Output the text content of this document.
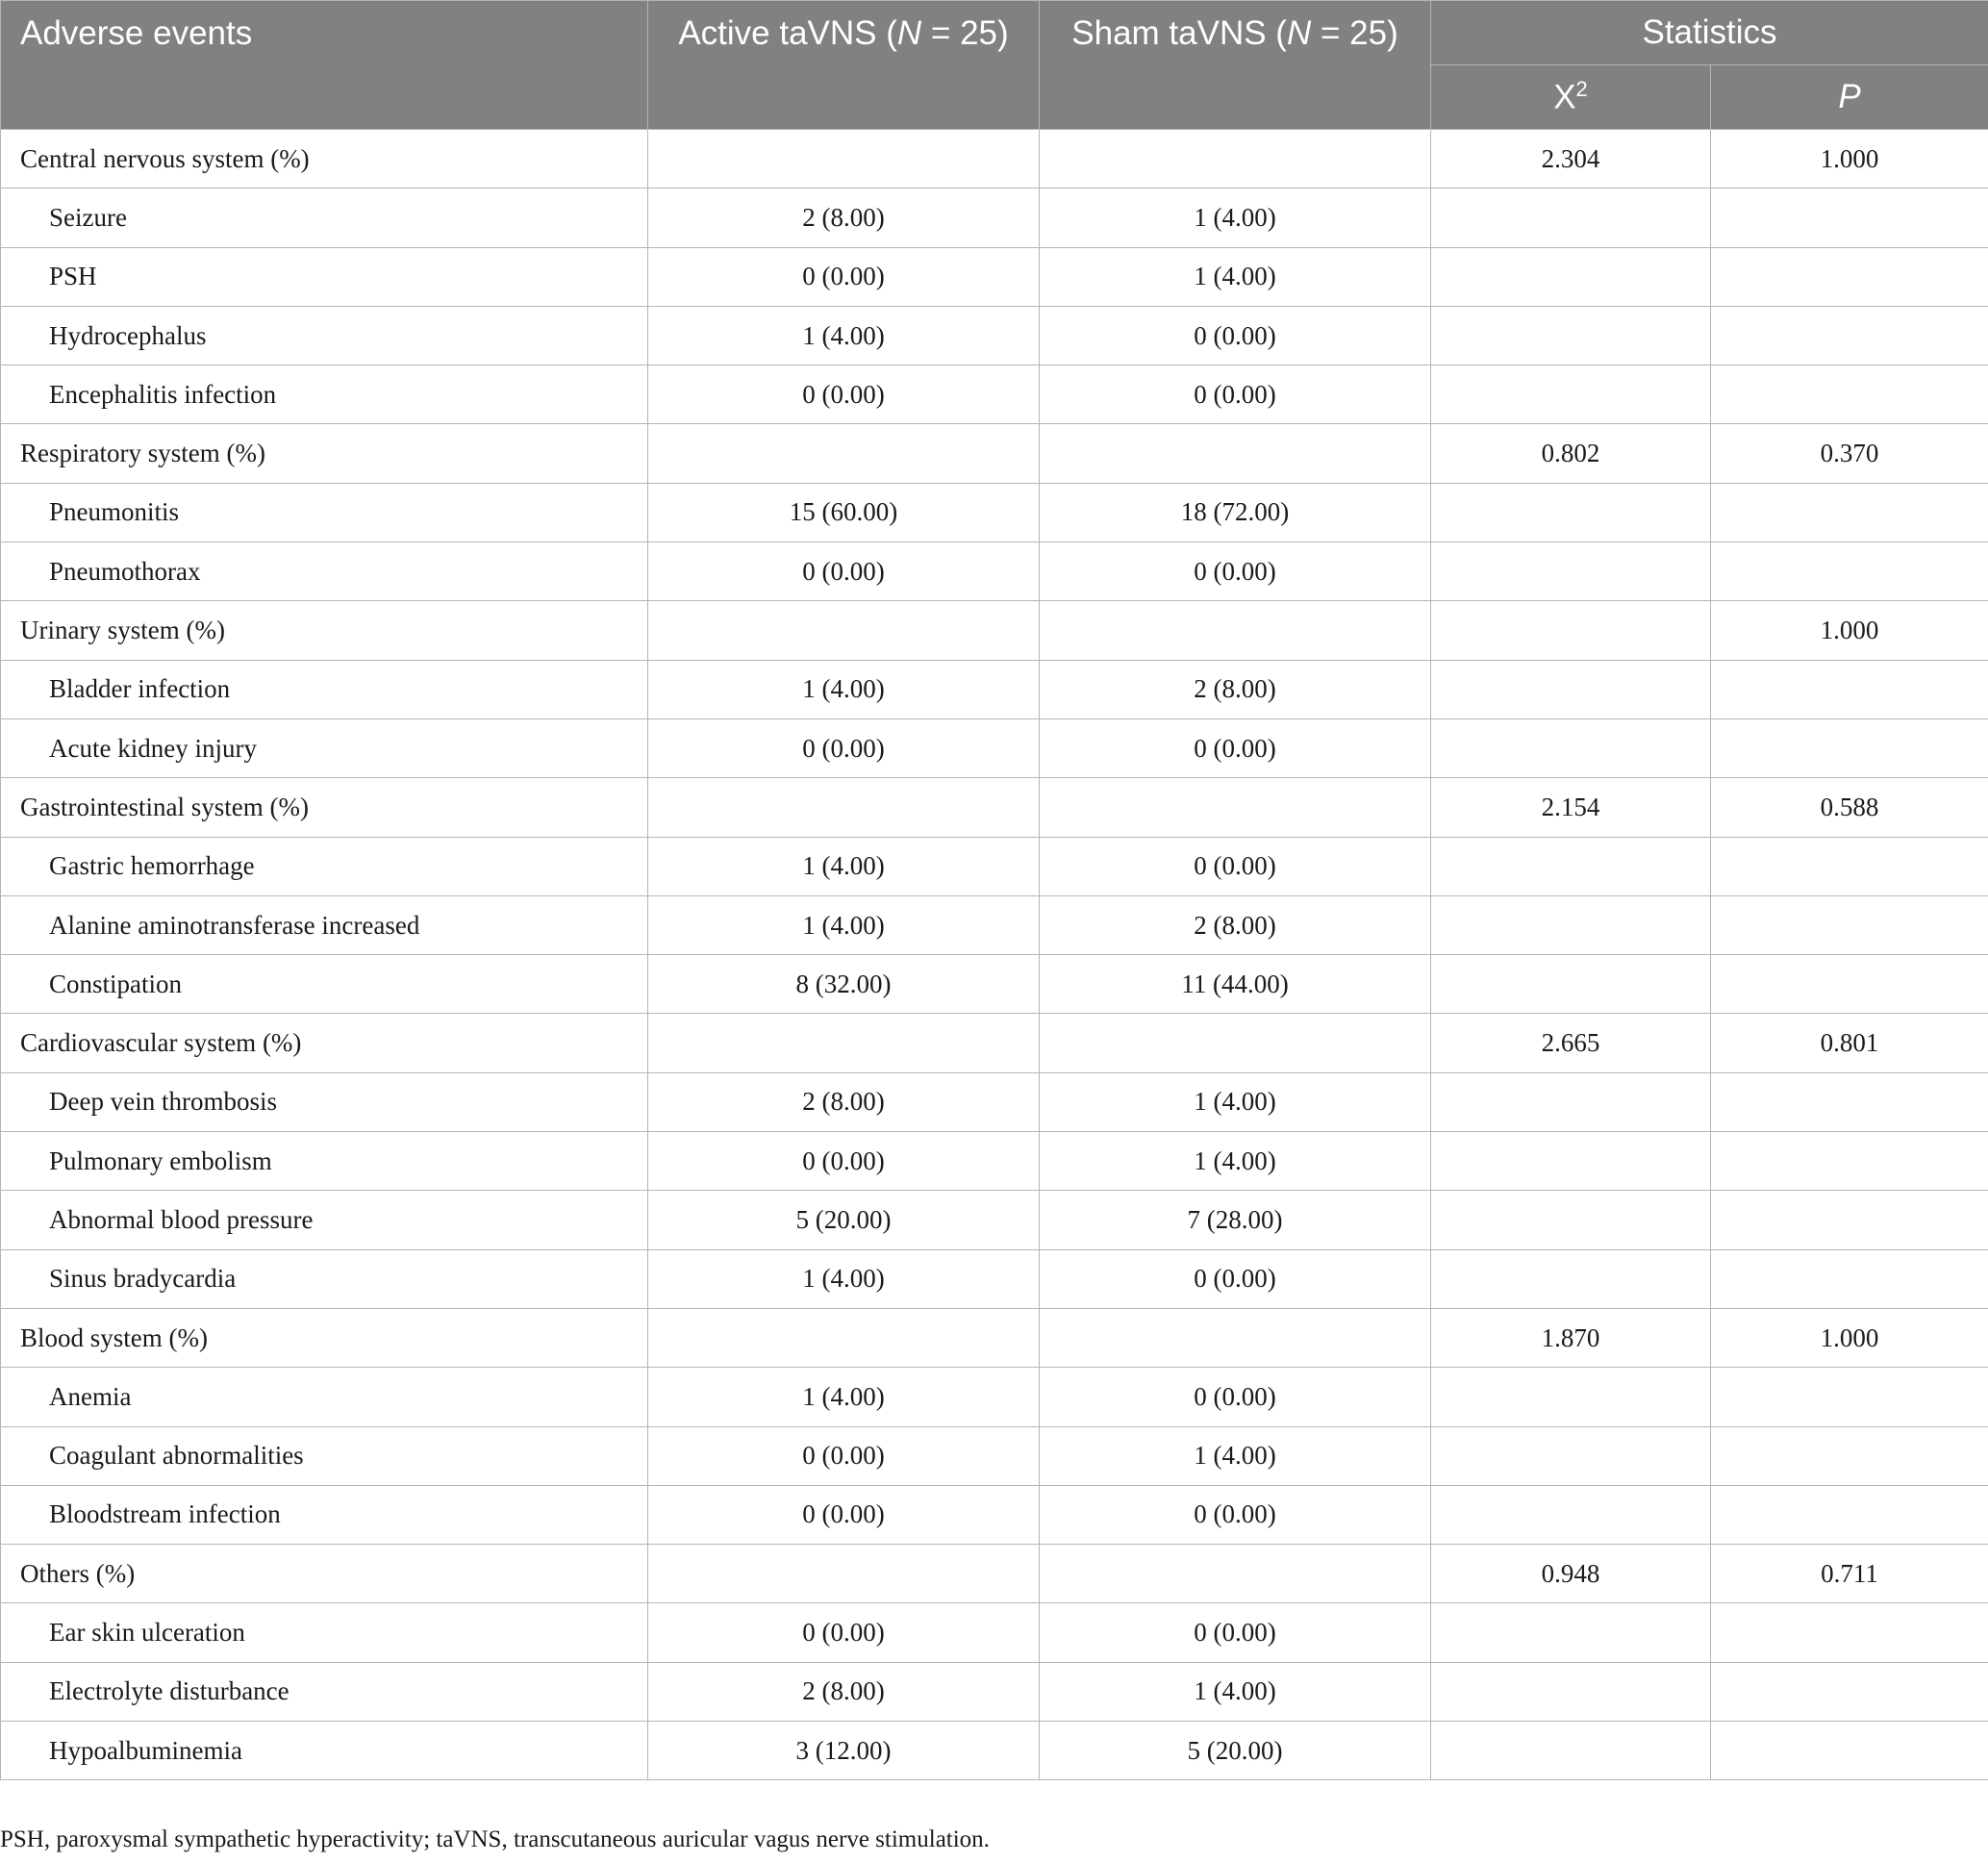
Adverse events	Active taVNS (N = 25)	Sham taVNS (N = 25)	Statistics	
			$X^2$	P
Central nervous system (%)			2.304	1.000
Seizure	2 (8.00)	1 (4.00)		
PSH	0 (0.00)	1 (4.00)		
Hydrocephalus	1 (4.00)	0 (0.00)		
Encephalitis infection	0 (0.00)	0 (0.00)		
Respiratory system (%)			0.802	0.370
Pneumonitis	15 (60.00)	18 (72.00)		
Pneumothorax	0 (0.00)	0 (0.00)		
Urinary system (%)				1.000
Bladder infection	1 (4.00)	2 (8.00)		
Acute kidney injury	0 (0.00)	0 (0.00)		
Gastrointestinal system (%)			2.154	0.588
Gastric hemorrhage	1 (4.00)	0 (0.00)		
Alanine aminotransferase increased	1 (4.00)	2 (8.00)		
Constipation	8 (32.00)	11 (44.00)		
Cardiovascular system (%)			2.665	0.801
Deep vein thrombosis	2 (8.00)	1 (4.00)		
Pulmonary embolism	0 (0.00)	1 (4.00)		
Abnormal blood pressure	5 (20.00)	7 (28.00)		
Sinus bradycardia	1 (4.00)	0 (0.00)		
Blood system (%)			1.870	1.000
Anemia	1 (4.00)	0 (0.00)		
Coagulant abnormalities	0 (0.00)	1 (4.00)		
Bloodstream infection	0 (0.00)	0 (0.00)		
Others (%)			0.948	0.711
Ear skin ulceration	0 (0.00)	0 (0.00)		
Electrolyte disturbance	2 (8.00)	1 (4.00)		
Hypoalbuminemia	3 (12.00)	5 (20.00)		
PSH, paroxysmal sympathetic hyperactivity; taVNS, transcutaneous auricular vagus nerve stimulation.
